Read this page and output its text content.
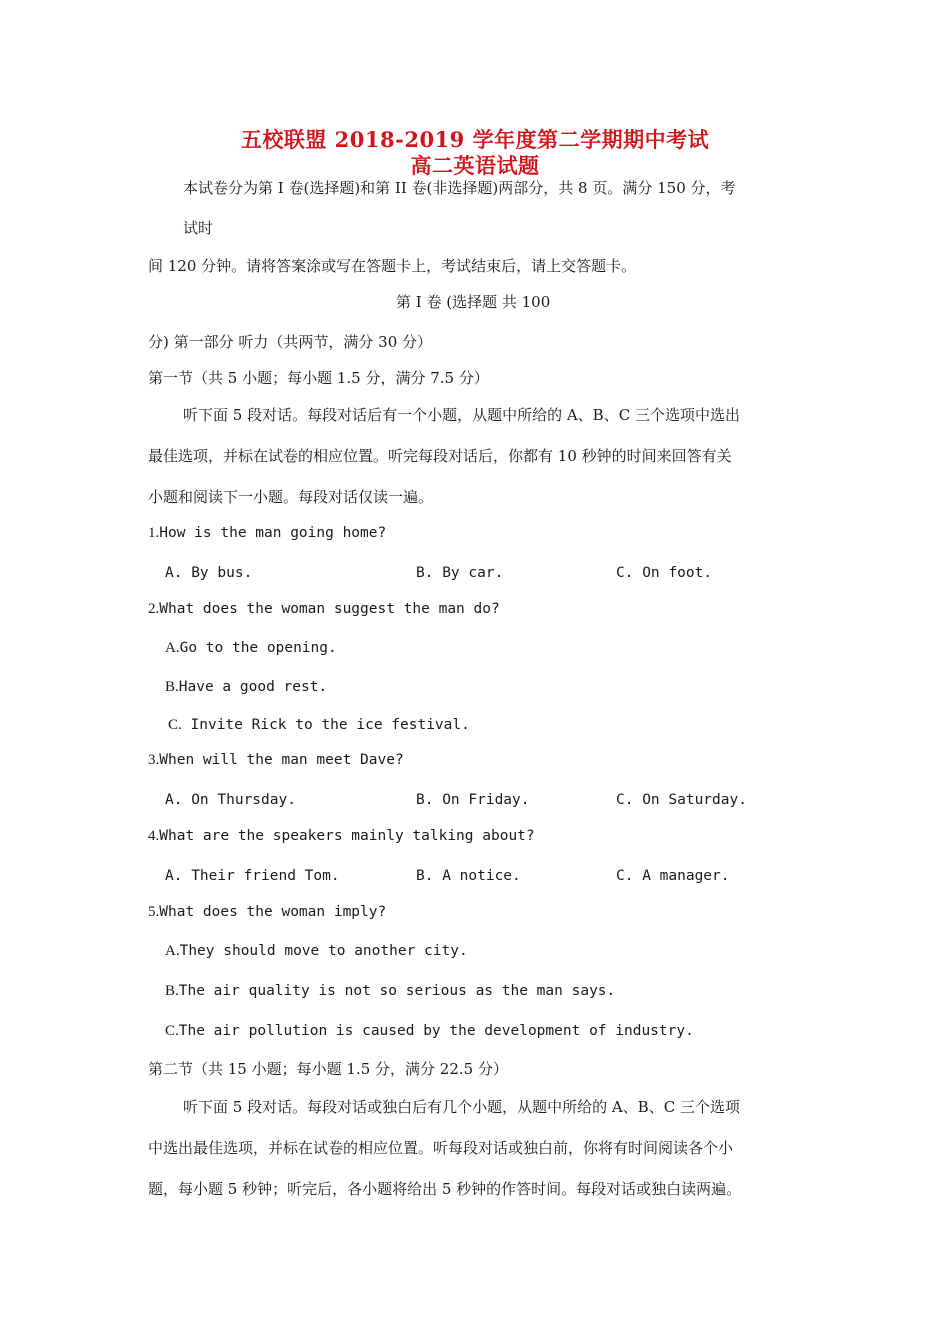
五校联盟 2018-2019 学年度第二学期期中考试
高二英语试题
本试卷分为第 I 卷(选择题)和第 II 卷(非选择题)两部分，共 8 页。满分 150 分，考
试时
间 120 分钟。请将答案涂或写在答题卡上，考试结束后，请上交答题卡。
第 I 卷 (选择题 共 100
分) 第一部分 听力（共两节，满分 30 分）
第一节（共 5 小题；每小题 1.5 分，满分 7.5 分）
听下面 5 段对话。每段对话后有一个小题，从题中所给的 A、B、C 三个选项中选出
最佳选项，并标在试卷的相应位置。听完每段对话后，你都有 10 秒钟的时间来回答有关
小题和阅读下一小题。每段对话仅读一遍。
1.How is the man going home?
A. By bus.	B. By car.	C. On foot.
2.What does the woman suggest the man do?
A.Go to the opening.
B.Have a good rest.
C. Invite Rick to the ice festival.
3.When will the man meet Dave?
A. On Thursday.	B. On Friday.	C. On Saturday.
4.What are the speakers mainly talking about?
A. Their friend Tom.	B. A notice.	C. A manager.
5.What does the woman imply?
A.They should move to another city.
B.The air quality is not so serious as the man says.
C.The air pollution is caused by the development of industry.
第二节（共 15 小题；每小题 1.5 分，满分 22.5 分）
听下面 5 段对话。每段对话或独白后有几个小题，从题中所给的 A、B、C 三个选项
中选出最佳选项，并标在试卷的相应位置。听每段对话或独白前，你将有时间阅读各个小
题，每小题 5 秒钟；听完后，各小题将给出 5 秒钟的作答时间。每段对话或独白读两遍。
